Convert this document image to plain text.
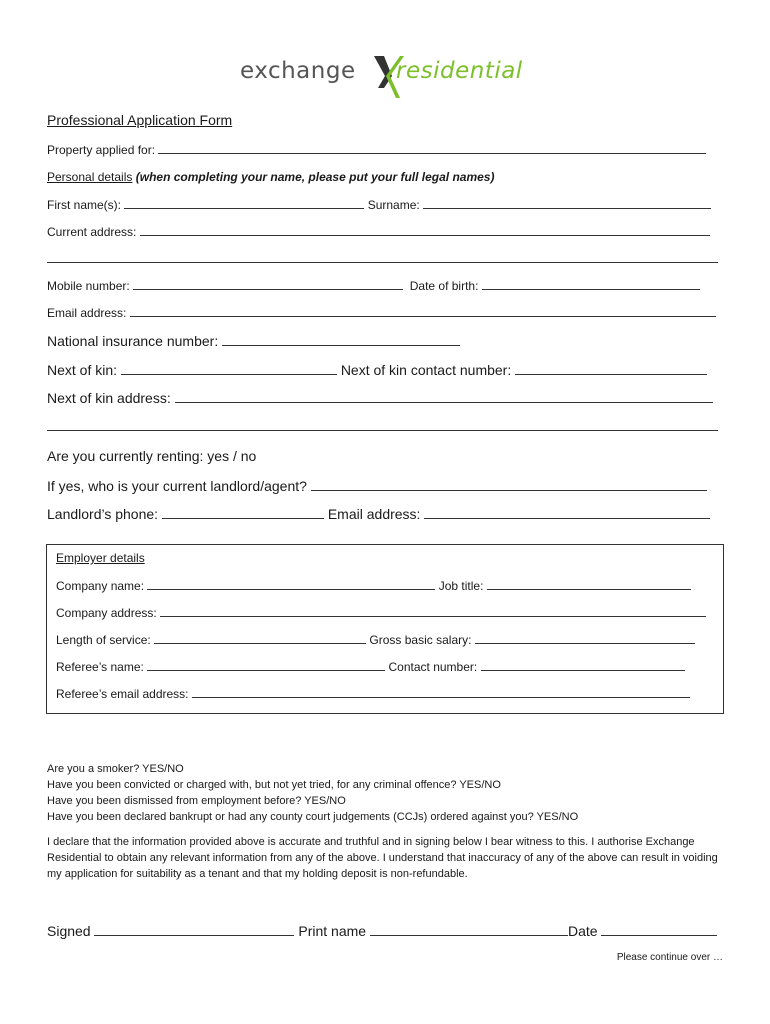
exchange residential
Professional Application Form
Property applied for:
Personal details (when completing your name, please put your full legal names)
First name(s):	Surname:
Current address:
Mobile number:	Date of birth:
Email address:
National insurance number:
Next of kin:	Next of kin contact number:
Next of kin address:
Are you currently renting: yes / no
If yes, who is your current landlord/agent?
Landlord’s phone:	Email address:
Employer details
Company name:	Job title:
Company address:
Length of service:	Gross basic salary:
Referee’s name:	Contact number:
Referee’s email address:
Are you a smoker? YES/NO
Have you been convicted or charged with, but not yet tried, for any criminal offence? YES/NO
Have you been dismissed from employment before? YES/NO
Have you been declared bankrupt or had any county court judgements (CCJs) ordered against you? YES/NO
I declare that the information provided above is accurate and truthful and in signing below I bear witness to this. I authorise Exchange Residential to obtain any relevant information from any of the above. I understand that inaccuracy of any of the above can result in voiding my application for suitability as a tenant and that my holding deposit is non-refundable.
Signed	Print name	Date
Please continue over …
